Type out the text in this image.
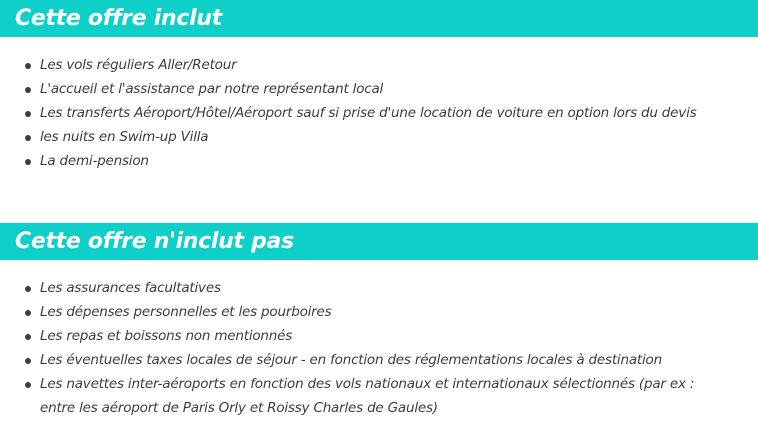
Cette offre inclut
Les vols réguliers Aller/Retour
L'accueil et l'assistance par notre représentant local
Les transferts Aéroport/Hôtel/Aéroport sauf si prise d'une location de voiture en option lors du devis
les nuits en Swim-up Villa
La demi-pension
Cette offre n'inclut pas
Les assurances facultatives
Les dépenses personnelles et les pourboires
Les repas et boissons non mentionnés
Les éventuelles taxes locales de séjour - en fonction des réglementations locales à destination
Les navettes inter-aéroports en fonction des vols nationaux et internationaux sélectionnés (par ex : entre les aéroport de Paris Orly et Roissy Charles de Gaules)
